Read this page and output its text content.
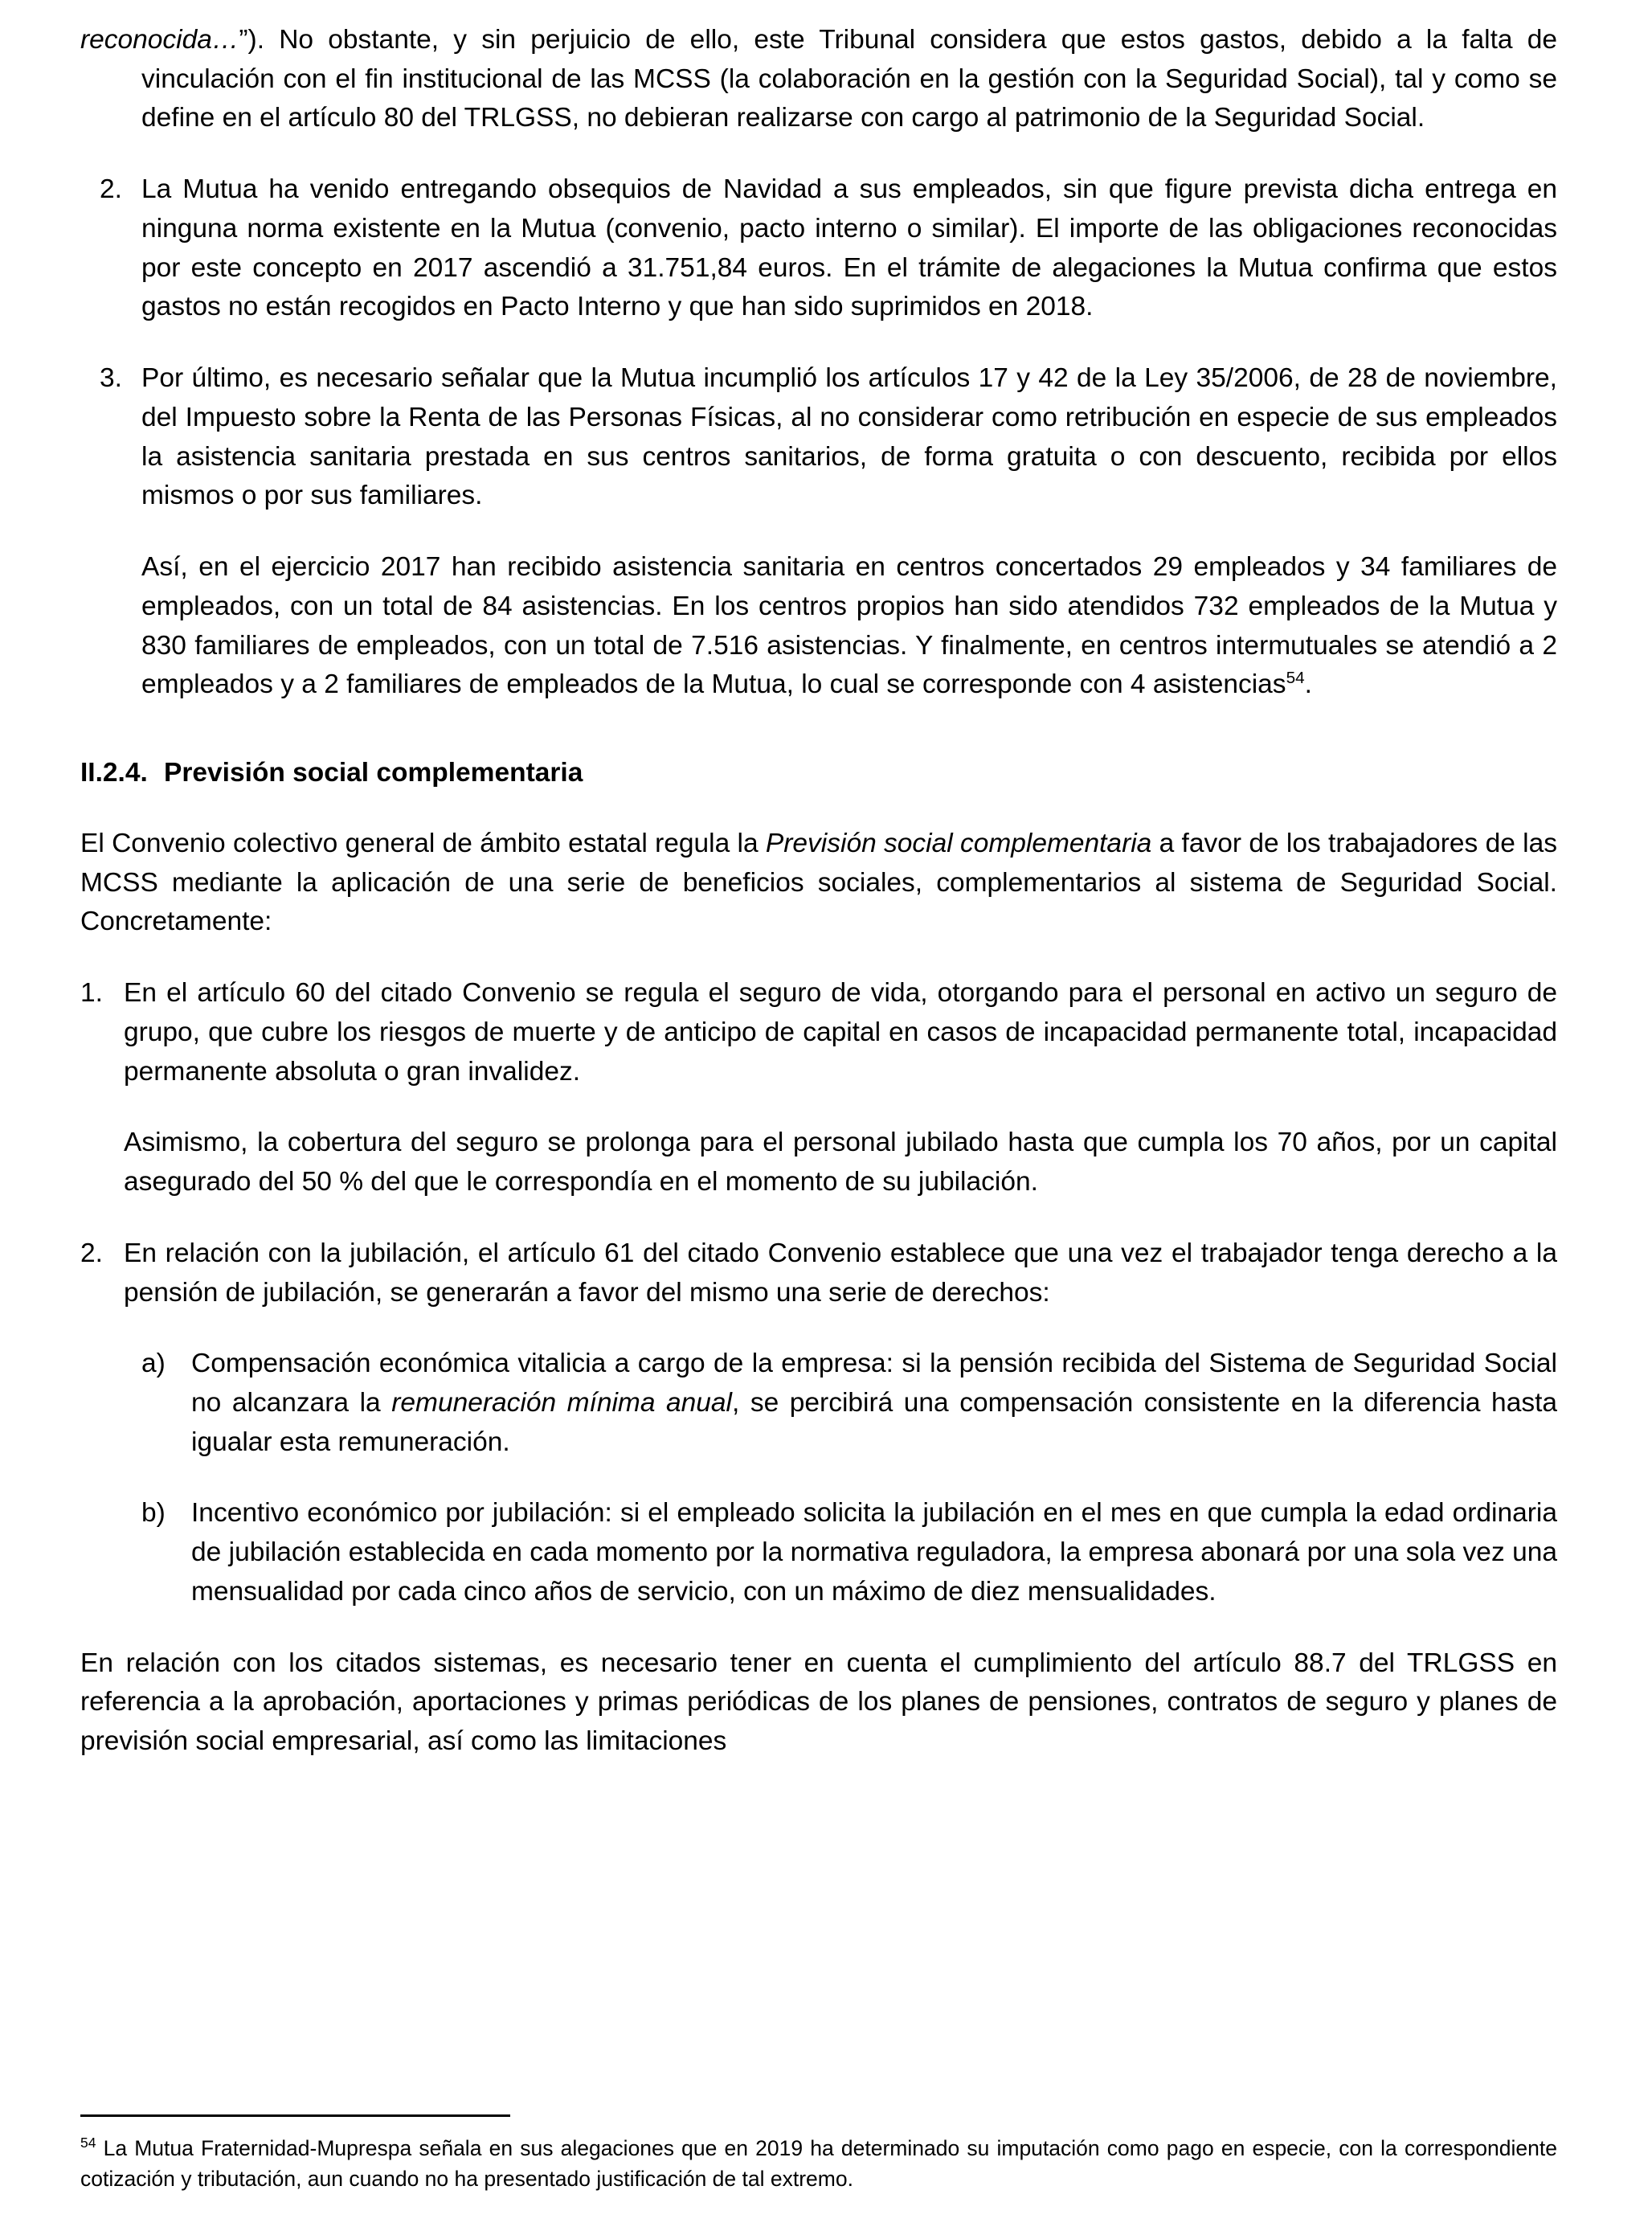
reconocida…”). No obstante, y sin perjuicio de ello, este Tribunal considera que estos gastos, debido a la falta de vinculación con el fin institucional de las MCSS (la colaboración en la gestión con la Seguridad Social), tal y como se define en el artículo 80 del TRLGSS, no debieran realizarse con cargo al patrimonio de la Seguridad Social.

2. La Mutua ha venido entregando obsequios de Navidad a sus empleados, sin que figure prevista dicha entrega en ninguna norma existente en la Mutua (convenio, pacto interno o similar). El importe de las obligaciones reconocidas por este concepto en 2017 ascendió a 31.751,84 euros. En el trámite de alegaciones la Mutua confirma que estos gastos no están recogidos en Pacto Interno y que han sido suprimidos en 2018.
3. Por último, es necesario señalar que la Mutua incumplió los artículos 17 y 42 de la Ley 35/2006, de 28 de noviembre, del Impuesto sobre la Renta de las Personas Físicas, al no considerar como retribución en especie de sus empleados la asistencia sanitaria prestada en sus centros sanitarios, de forma gratuita o con descuento, recibida por ellos mismos o por sus familiares.

Así, en el ejercicio 2017 han recibido asistencia sanitaria en centros concertados 29 empleados y 34 familiares de empleados, con un total de 84 asistencias. En los centros propios han sido atendidos 732 empleados de la Mutua y 830 familiares de empleados, con un total de 7.516 asistencias. Y finalmente, en centros intermutuales se atendió a 2 empleados y a 2 familiares de empleados de la Mutua, lo cual se corresponde con 4 asistencias$^{54}$.

II.2.4. Previsión social complementaria

El Convenio colectivo general de ámbito estatal regula la Previsión social complementaria a favor de los trabajadores de las MCSS mediante la aplicación de una serie de beneficios sociales, complementarios al sistema de Seguridad Social. Concretamente:

1. En el artículo 60 del citado Convenio se regula el seguro de vida, otorgando para el personal en activo un seguro de grupo, que cubre los riesgos de muerte y de anticipo de capital en casos de incapacidad permanente total, incapacidad permanente absoluta o gran invalidez.

Asimismo, la cobertura del seguro se prolonga para el personal jubilado hasta que cumpla los 70 años, por un capital asegurado del 50 % del que le correspondía en el momento de su jubilación.

2. En relación con la jubilación, el artículo 61 del citado Convenio establece que una vez el trabajador tenga derecho a la pensión de jubilación, se generarán a favor del mismo una serie de derechos:
a) Compensación económica vitalicia a cargo de la empresa: si la pensión recibida del Sistema de Seguridad Social no alcanzara la remuneración mínima anual, se percibirá una compensación consistente en la diferencia hasta igualar esta remuneración.
b) Incentivo económico por jubilación: si el empleado solicita la jubilación en el mes en que cumpla la edad ordinaria de jubilación establecida en cada momento por la normativa reguladora, la empresa abonará por una sola vez una mensualidad por cada cinco años de servicio, con un máximo de diez mensualidades.

En relación con los citados sistemas, es necesario tener en cuenta el cumplimiento del artículo 88.7 del TRLGSS en referencia a la aprobación, aportaciones y primas periódicas de los planes de pensiones, contratos de seguro y planes de previsión social empresarial, así como las limitaciones

$^{54}$ La Mutua Fraternidad-Muprespa señala en sus alegaciones que en 2019 ha determinado su imputación como pago en especie, con la correspondiente cotización y tributación, aun cuando no ha presentado justificación de tal extremo.
